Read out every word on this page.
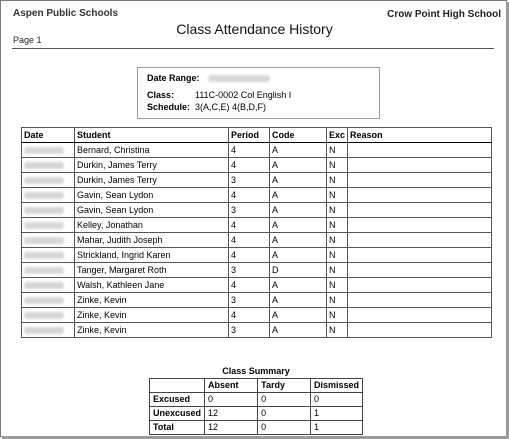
Aspen Public Schools	Crow Point High School
Class Attendance History
Page 1
Date Range:
Class: 111C-0002 Col English I
Schedule: 3(A,C,E) 4(B,D,F)
Date	Student	Period	Code	Exc	Reason
	Bernard, Christina	4	A	N	
	Durkin, James Terry	4	A	N	
	Durkin, James Terry	3	A	N	
	Gavin, Sean Lydon	4	A	N	
	Gavin, Sean Lydon	3	A	N	
	Kelley, Jonathan	4	A	N	
	Mahar, Judith Joseph	4	A	N	
	Strickland, Ingrid Karen	4	A	N	
	Tanger, Margaret Roth	3	D	N	
	Walsh, Kathleen Jane	4	A	N	
	Zinke, Kevin	3	A	N	
	Zinke, Kevin	4	A	N	
	Zinke, Kevin	3	A	N	
Class Summary
	Absent	Tardy	Dismissed
Excused	0	0	0
Unexcused	12	0	1
Total	12	0	1
